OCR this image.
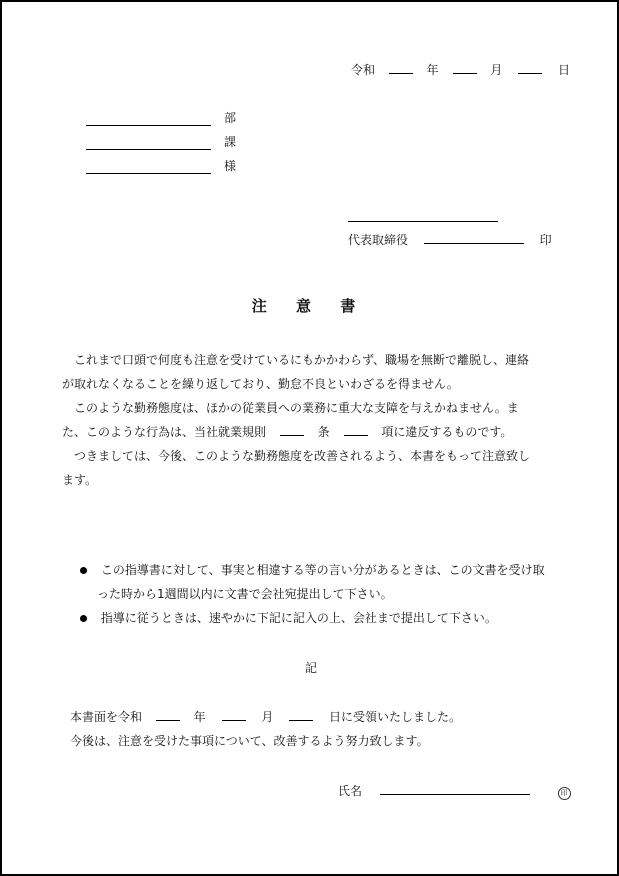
令和	年	月	日
部
課
様
代表取締役	印
注 意 書
これまで口頭で何度も注意を受けているにもかかわらず、職場を無断で離脱し、連絡
が取れなくなることを繰り返しており、勤怠不良といわざるを得ません。
このような勤務態度は、ほかの従業員への業務に重大な支障を与えかねません。ま
た、このような行為は、当社就業規則	条	項に違反するものです。
つきましては、今後、このような勤務態度を改善されるよう、本書をもって注意致し
ます。
この指導書に対して、事実と相違する等の言い分があるときは、この文書を受け取
った時から1週間以内に文書で会社宛提出して下さい。
指導に従うときは、速やかに下記に記入の上、会社まで提出して下さい。
記
本書面を令和	年	月	日に受領いたしました。
今後は、注意を受けた事項について、改善するよう努力致します。
氏名	印
